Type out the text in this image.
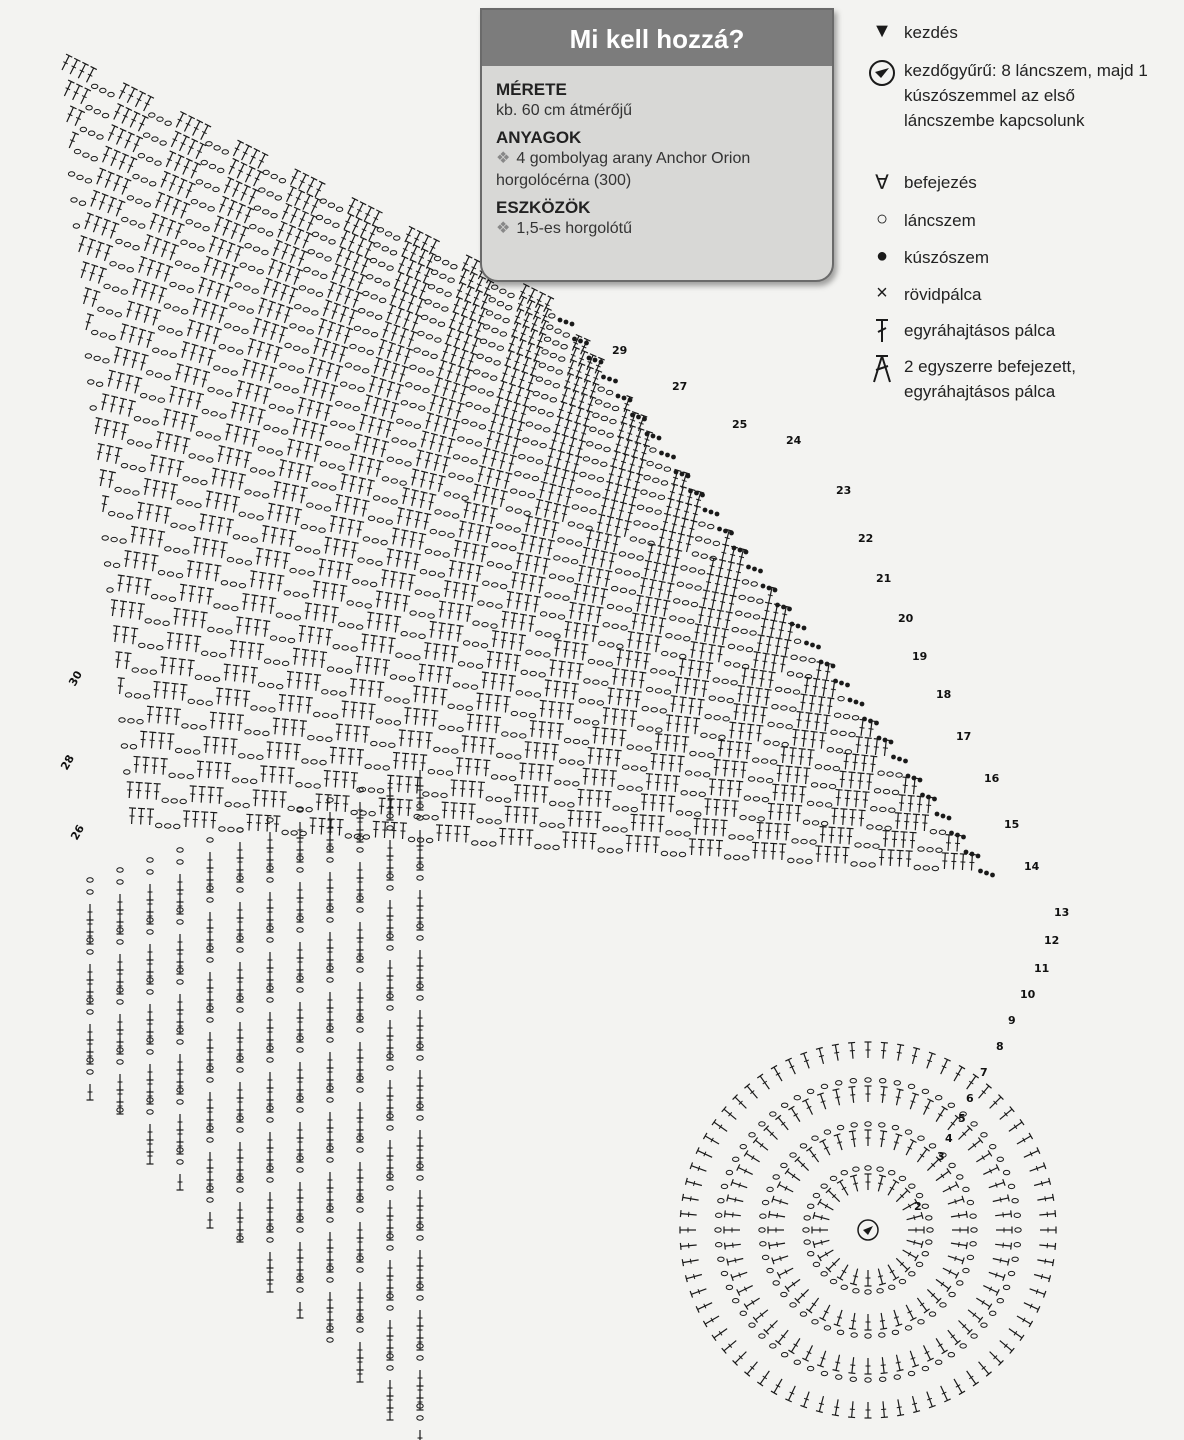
Mi kell hozzá?
MÉRETE
kb. 60 cm átmérőjű
ANYAGOK
❖ 4 gombolyag arany Anchor Orion
horgolócérna (300)
ESZKÖZÖK
❖ 1,5-es horgolótű
▼ kezdés
kezdőgyűrű: 8 láncszem, majd 1 kúszószemmel az első láncszembe kapcsolunk
∀ befejezés
○ láncszem
● kúszószem
× rövidpálca
egyráhajtásos pálca
2 egyszerre befejezett, egyráhajtásos pálca
2
3
4
5
6
7
8
9
10
11
12
13
14
15
16
17
18
19
20
21
22
23
24
25
26
27
28
29
30
